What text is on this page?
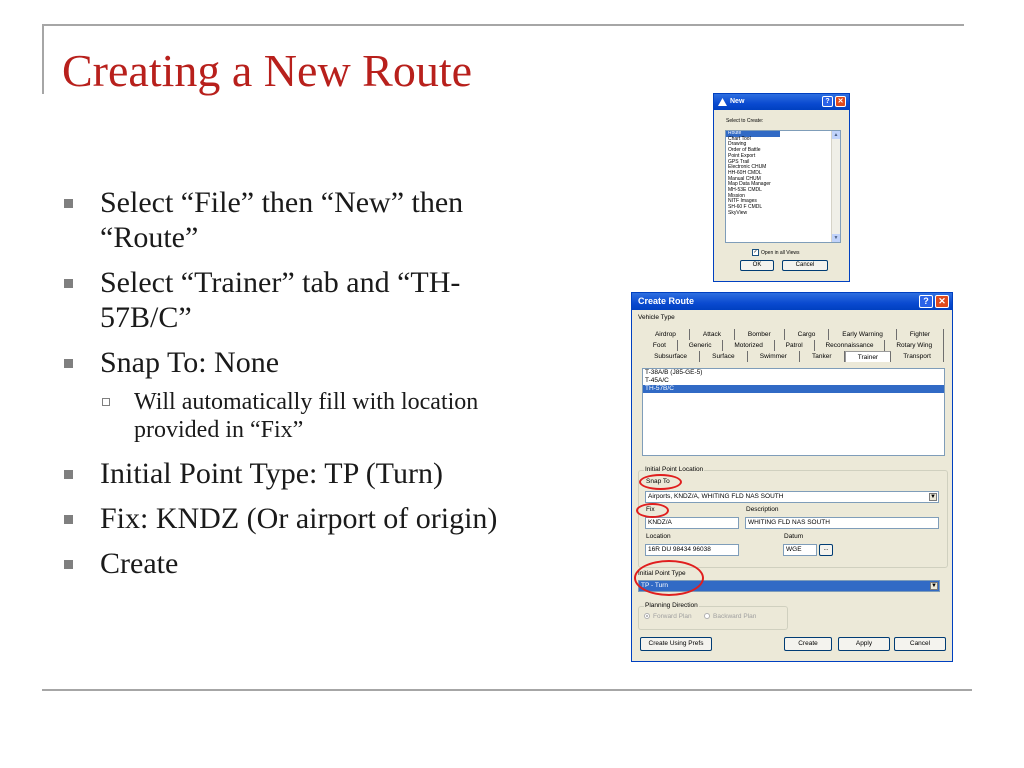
Creating a New Route
Select “File” then “New” then “Route”
Select “Trainer” tab and “TH-57B/C”
Snap To: None
Will automatically fill with location provided in “Fix”
Initial Point Type: TP (Turn)
Fix: KNDZ (Or airport of origin)
Create
New	?	✕
Select to Create:
Route
Chart Tool
Drawing
Order of Battle
Point Export
GPS Trail
Electronic CHUM
HH-60H CMDL
Manual CHUM
Map Data Manager
MH-53E CMDL
Mission
NITF Images
SH-60 F CMDL
SkyView
▲
▼
✓ Open in all Views
OK	Cancel
Create Route	?	✕
Vehicle Type
Airdrop	Attack	Bomber	Cargo	Early Warning	Fighter
Foot	Generic	Motorized	Patrol	Reconnaissance	Rotary Wing
Subsurface	Surface	Swimmer	Tanker	Trainer	Transport
T-38A/B (J85-GE-5)
T-45A/C
TH-57B/C
Initial Point Location
Snap To
Airports, KNDZ/A, WHITING FLD NAS SOUTH	▼
Fix	Description
KNDZ/A	WHITING FLD NAS SOUTH
Location	Datum
16R DU 98434 96038	WGE	...
Initial Point Type
TP - Turn	▼
Planning Direction
Forward Plan	Backward Plan
Create Using Prefs	Create	Apply	Cancel
